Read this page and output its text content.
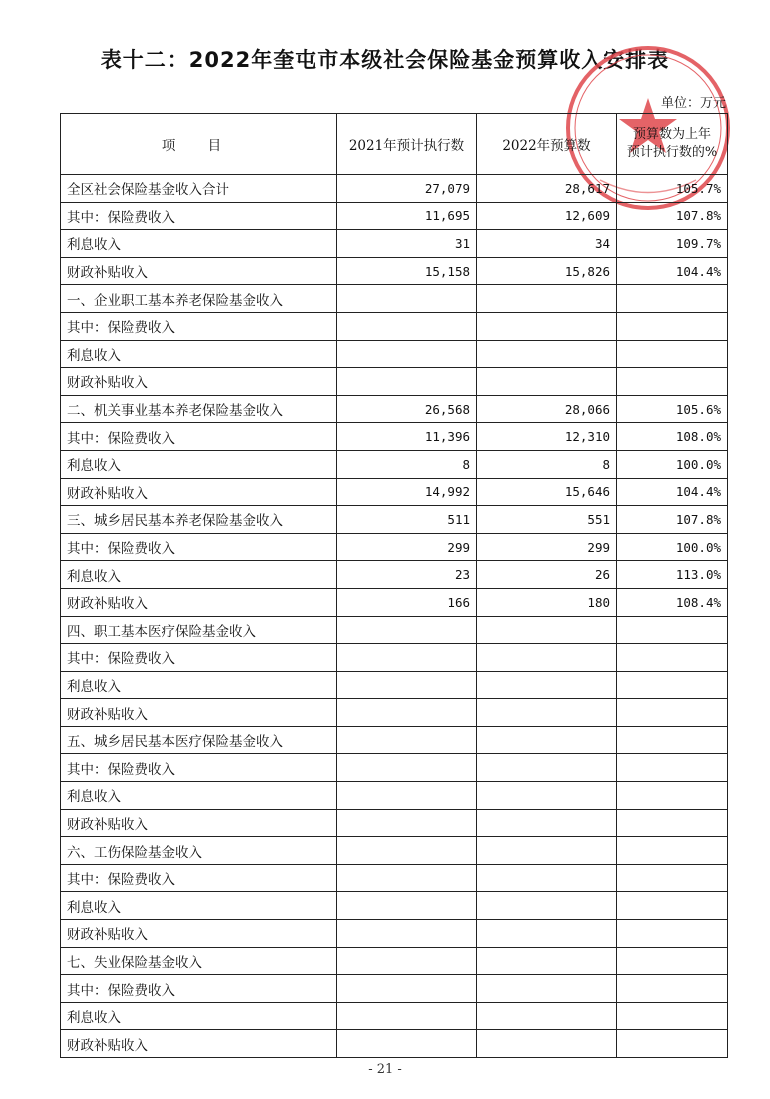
表十二：2022年奎屯市本级社会保险基金预算收入安排表
单位：万元
项 目	2021年预计执行数	2022年预算数	预算数为上年
预计执行数的%

全区社会保险基金收入合计	27,079	28,617	105.7%
其中：保险费收入	11,695	12,609	107.8%
利息收入	31	34	109.7%
财政补贴收入	15,158	15,826	104.4%
一、企业职工基本养老保险基金收入			
其中：保险费收入			
利息收入			
财政补贴收入			
二、机关事业基本养老保险基金收入	26,568	28,066	105.6%
其中：保险费收入	11,396	12,310	108.0%
利息收入	8	8	100.0%
财政补贴收入	14,992	15,646	104.4%
三、城乡居民基本养老保险基金收入	511	551	107.8%
其中：保险费收入	299	299	100.0%
利息收入	23	26	113.0%
财政补贴收入	166	180	108.4%
四、职工基本医疗保险基金收入			
其中：保险费收入			
利息收入			
财政补贴收入			
五、城乡居民基本医疗保险基金收入			
其中：保险费收入			
利息收入			
财政补贴收入			
六、工伤保险基金收入			
其中：保险费收入			
利息收入			
财政补贴收入			
七、失业保险基金收入			
其中：保险费收入			
利息收入			
财政补贴收入			
- 21 -
